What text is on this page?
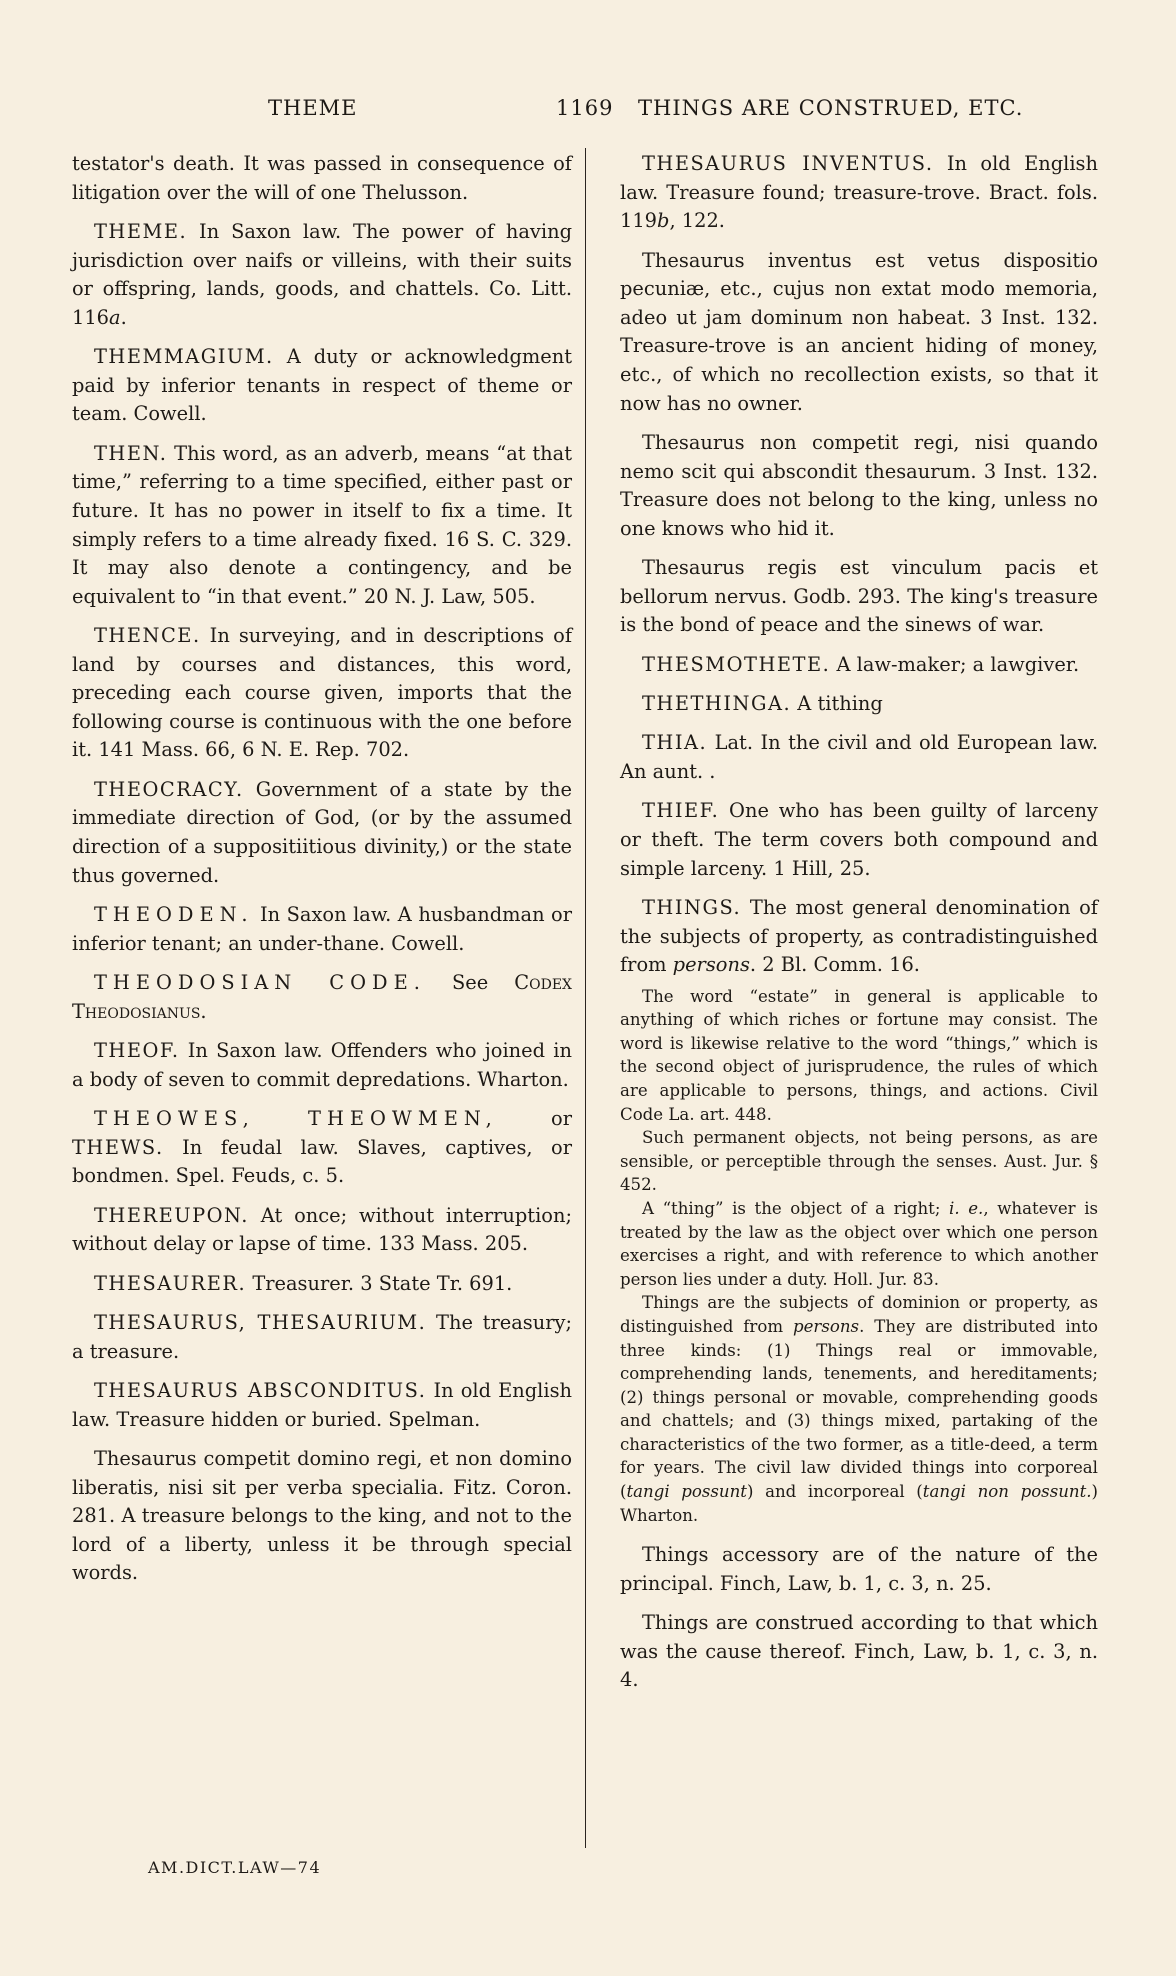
THEME	1169 THINGS ARE CONSTRUED, ETC.

testator's death. It was passed in consequence of litigation over the will of one Thelusson.

THEME. In Saxon law. The power of having jurisdiction over naifs or villeins, with their suits or offspring, lands, goods, and chattels. Co. Litt. 116a.

THEMMAGIUM. A duty or acknowledgment paid by inferior tenants in respect of theme or team. Cowell.

THEN. This word, as an adverb, means “at that time,” referring to a time specified, either past or future. It has no power in itself to fix a time. It simply refers to a time already fixed. 16 S. C. 329. It may also denote a contingency, and be equivalent to “in that event.” 20 N. J. Law, 505.

THENCE. In surveying, and in descriptions of land by courses and distances, this word, preceding each course given, imports that the following course is continuous with the one before it. 141 Mass. 66, 6 N. E. Rep. 702.

THEOCRACY. Government of a state by the immediate direction of God, (or by the assumed direction of a suppositiitious divinity,) or the state thus governed.

THEODEN. In Saxon law. A husbandman or inferior tenant; an under-thane. Cowell.

THEODOSIAN CODE. See Codex Theodosianus.

THEOF. In Saxon law. Offenders who joined in a body of seven to commit depredations. Wharton.

THEOWES,	THEOWMEN, or THEWS. In feudal law. Slaves, captives, or bondmen. Spel. Feuds, c. 5.

THEREUPON. At once; without interruption; without delay or lapse of time. 133 Mass. 205.

THESAURER. Treasurer. 3 State Tr. 691.

THESAURUS, THESAURIUM. The treasury; a treasure.

THESAURUS ABSCONDITUS. In old English law. Treasure hidden or buried. Spelman.

Thesaurus competit domino regi, et non domino liberatis, nisi sit per verba specialia. Fitz. Coron. 281. A treasure belongs to the king, and not to the lord of a liberty, unless it be through special words.

THESAURUS INVENTUS. In old English law. Treasure found; treasure-trove. Bract. fols. 119b, 122.

Thesaurus inventus est vetus dispositio pecuniæ, etc., cujus non extat modo memoria, adeo ut jam dominum non habeat. 3 Inst. 132. Treasure-trove is an ancient hiding of money, etc., of which no recollection exists, so that it now has no owner.

Thesaurus non competit regi, nisi quando nemo scit qui abscondit thesaurum. 3 Inst. 132. Treasure does not belong to the king, unless no one knows who hid it.

Thesaurus regis est vinculum pacis et bellorum nervus. Godb. 293. The king's treasure is the bond of peace and the sinews of war.

THESMOTHETE. A law-maker; a lawgiver.

THETHINGA. A tithing

THIA. Lat. In the civil and old European law. An aunt. .

THIEF. One who has been guilty of larceny or theft. The term covers both compound and simple larceny. 1 Hill, 25.

THINGS. The most general denomination of the subjects of property, as contradistinguished from persons. 2 Bl. Comm. 16.

The word “estate” in general is applicable to anything of which riches or fortune may consist. The word is likewise relative to the word “things,” which is the second object of jurisprudence, the rules of which are applicable to persons, things, and actions. Civil Code La. art. 448.

Such permanent objects, not being persons, as are sensible, or perceptible through the senses. Aust. Jur. § 452.

A “thing” is the object of a right; i. e., whatever is treated by the law as the object over which one person exercises a right, and with reference to which another person lies under a duty. Holl. Jur. 83.

Things are the subjects of dominion or property, as distinguished from persons. They are distributed into three kinds: (1) Things real or immovable, comprehending lands, tenements, and hereditaments; (2) things personal or movable, comprehending goods and chattels; and (3) things mixed, partaking of the characteristics of the two former, as a title-deed, a term for years. The civil law divided things into corporeal (tangi possunt) and incorporeal (tangi non possunt.) Wharton.

Things accessory are of the nature of the principal. Finch, Law, b. 1, c. 3, n. 25.

Things are construed according to that which was the cause thereof. Finch, Law, b. 1, c. 3, n. 4.

AM.DICT.LAW—74
